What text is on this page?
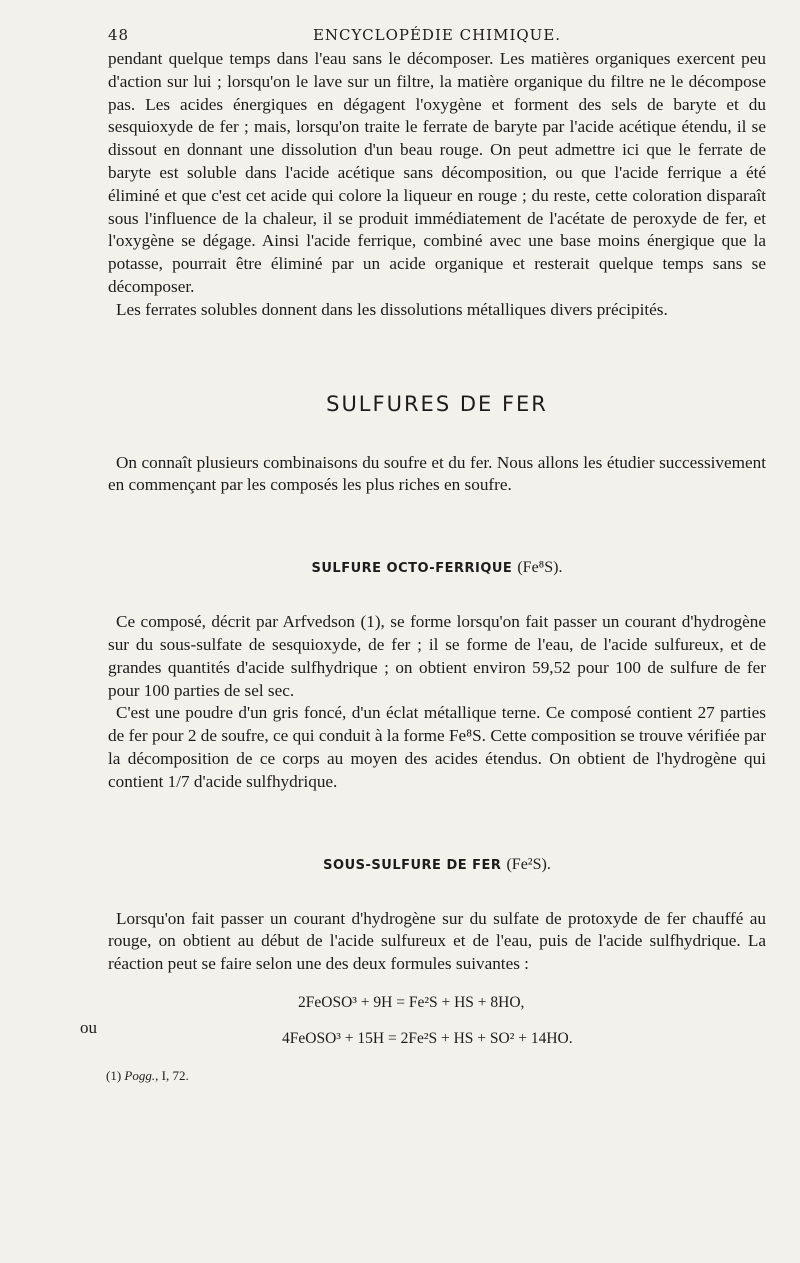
48	ENCYCLOPÉDIE CHIMIQUE.

pendant quelque temps dans l'eau sans le décomposer. Les matières organiques exercent peu d'action sur lui ; lorsqu'on le lave sur un filtre, la matière organique du filtre ne le décompose pas. Les acides énergiques en dégagent l'oxygène et forment des sels de baryte et du sesquioxyde de fer ; mais, lorsqu'on traite le ferrate de baryte par l'acide acétique étendu, il se dissout en donnant une dissolution d'un beau rouge. On peut admettre ici que le ferrate de baryte est soluble dans l'acide acétique sans décomposition, ou que l'acide ferrique a été éliminé et que c'est cet acide qui colore la liqueur en rouge ; du reste, cette coloration disparaît sous l'influence de la chaleur, il se produit immédiatement de l'acétate de peroxyde de fer, et l'oxygène se dégage. Ainsi l'acide ferrique, combiné avec une base moins énergique que la potasse, pourrait être éliminé par un acide organique et resterait quelque temps sans se décomposer.

Les ferrates solubles donnent dans les dissolutions métalliques divers précipités.

SULFURES DE FER

On connaît plusieurs combinaisons du soufre et du fer. Nous allons les étudier successivement en commençant par les composés les plus riches en soufre.

SULFURE OCTO-FERRIQUE (Fe⁸S).

Ce composé, décrit par Arfvedson (1), se forme lorsqu'on fait passer un courant d'hydrogène sur du sous-sulfate de sesquioxyde, de fer ; il se forme de l'eau, de l'acide sulfureux, et de grandes quantités d'acide sulfhydrique ; on obtient environ 59,52 pour 100 de sulfure de fer pour 100 parties de sel sec.

C'est une poudre d'un gris foncé, d'un éclat métallique terne. Ce composé contient 27 parties de fer pour 2 de soufre, ce qui conduit à la forme Fe⁸S. Cette composition se trouve vérifiée par la décomposition de ce corps au moyen des acides étendus. On obtient de l'hydrogène qui contient 1/7 d'acide sulfhydrique.

SOUS-SULFURE DE FER (Fe²S).

Lorsqu'on fait passer un courant d'hydrogène sur du sulfate de protoxyde de fer chauffé au rouge, on obtient au début de l'acide sulfureux et de l'eau, puis de l'acide sulfhydrique. La réaction peut se faire selon une des deux formules suivantes :

2FeOSO³ + 9H = Fe²S + HS + 8HO,
ou
4FeOSO³ + 15H = 2Fe²S + HS + SO² + 14HO.
(1) Pogg., I, 72.
